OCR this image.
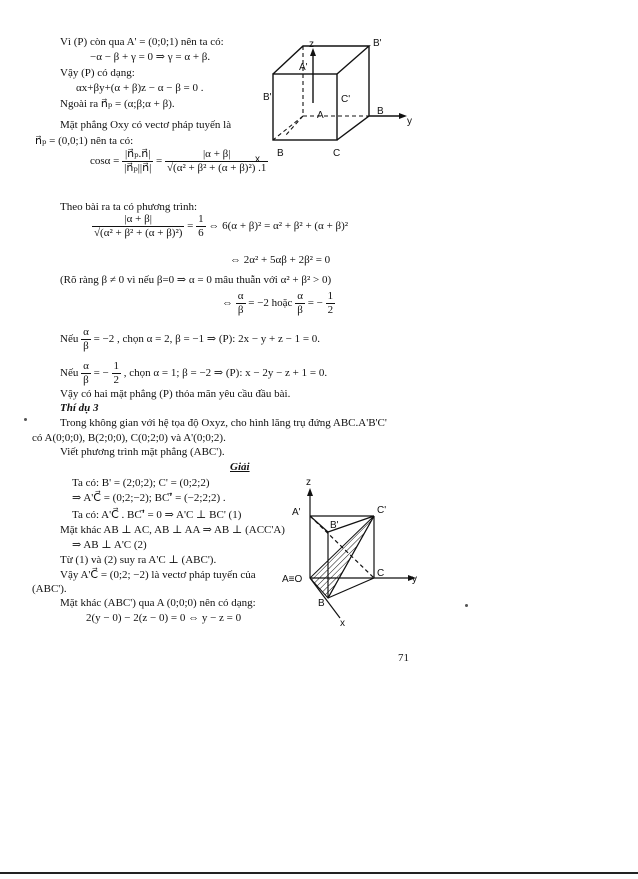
Vì (P) còn qua A' = (0;0;1) nên ta có:
−α − β + γ = 0 ⇒ γ = α + β.
Vậy (P) có dạng:
αx+βy+(α + β)z − α − β = 0 .
Ngoài ra n⃗ₚ = (α;β;α + β).
Mặt phẳng Oxy có vectơ pháp tuyến là
n⃗ₚ = (0,0;1) nên ta có:
$\cos\alpha = \frac{\text{|n⃗ₚ.n⃗|}}{\text{|n⃗ₚ||n⃗|}} = \frac{|\alpha + \beta|}{\text{√(α² + β² + (α + β)²) .1}}$
Theo bài ra ta có phương trình:
$\frac{|\alpha + \beta|}{\text{√(α² + β² + (α + β)²)}} = \frac{1}{6}$ ⇔ 6(α + β)² = α² + β² + (α + β)²
⇔ 2α² + 5αβ + 2β² = 0
(Rõ ràng β ≠ 0 vì nếu β=0 ⇒ α = 0 mâu thuẫn với α² + β² > 0)
⇔ $\frac{\alpha}{\beta} = -2$ hoặc $\frac{\alpha}{\beta}$ = − $\frac{1}{2}$
Nếu $\frac{\alpha}{\beta} = -2$ , chọn α = 2, β = −1 ⇒ (P): 2x − y + z − 1 = 0.
Nếu $\frac{\alpha}{\beta}$ = − $\frac{1}{2}$ , chọn α = 1; β = −2 ⇒ (P): x − 2y − z + 1 = 0.
Vậy có hai mặt phẳng (P) thỏa mãn yêu cầu đầu bài.
Thí dụ 3
Trong không gian với hệ tọa độ Oxyz, cho hình lăng trụ đứng ABC.A'B'C'
có A(0;0;0), B(2;0;0), C(0;2;0) và A'(0;0;2).
Viết phương trình mặt phẳng (ABC').
Giải
Ta có: B' = (2;0;2); C' = (0;2;2)
⇒ A'C⃗ = (0;2;−2); BC'⃗ = (−2;2;2) .
Ta có: A'C⃗ . BC'⃗ = 0 ⇒ A'C ⊥ BC' (1)
Mặt khác AB ⊥ AC, AB ⊥ AA ⇒ AB ⊥ (ACC'A)
⇒ AB ⊥ A'C (2)
Từ (1) và (2) suy ra A'C ⊥ (ABC').
Vậy A'C⃗ = (0;2; −2) là vectơ pháp tuyến của
(ABC').
Mặt khác (ABC') qua A (0;0;0) nên có dạng:
2(y − 0) − 2(z − 0) = 0 ⇔ y − z = 0
z
A'
B'
B'	C'
A	B
y
x
B	C
z
A'
B'
C'
A≡O
C
B
y
x
71
